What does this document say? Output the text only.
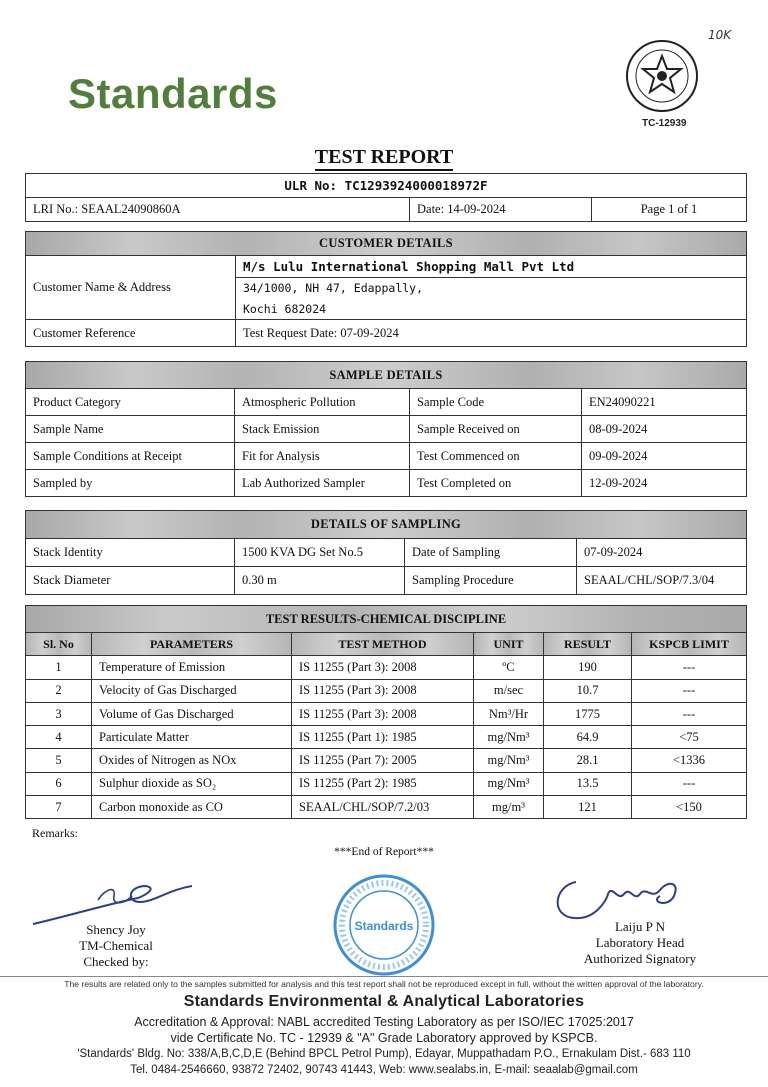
Standards
10K
TC-12939
TEST REPORT
ULR No: TC1293924000018972F
LRI No.: SEAAL24090860A	Date: 14-09-2024	Page 1 of 1
CUSTOMER DETAILS	
Customer Name & Address	M/s Lulu International Shopping Mall Pvt Ltd
	34/1000, NH 47, Edappally,
	Kochi 682024
Customer Reference	Test Request Date: 07-09-2024
SAMPLE DETAILS			
Product Category	Atmospheric Pollution	Sample Code	EN24090221
Sample Name	Stack Emission	Sample Received on	08-09-2024
Sample Conditions at Receipt	Fit for Analysis	Test Commenced on	09-09-2024
Sampled by	Lab Authorized Sampler	Test Completed on	12-09-2024
DETAILS OF SAMPLING			
Stack Identity	1500 KVA DG Set No.5	Date of Sampling	07-09-2024
Stack Diameter	0.30 m	Sampling Procedure	SEAAL/CHL/SOP/7.3/04
TEST RESULTS-CHEMICAL DISCIPLINE					
Sl. No	PARAMETERS	TEST METHOD	UNIT	RESULT	KSPCB LIMIT
1	Temperature of Emission	IS 11255 (Part 3): 2008	ºC	190	---
2	Velocity of Gas Discharged	IS 11255 (Part 3): 2008	m/sec	10.7	---
3	Volume of Gas Discharged	IS 11255 (Part 3): 2008	Nm³/Hr	1775	---
4	Particulate Matter	IS 11255 (Part 1): 1985	mg/Nm³	64.9	<75
5	Oxides of Nitrogen as NOx	IS 11255 (Part 7): 2005	mg/Nm³	28.1	<1336
6	Sulphur dioxide as SO₂	IS 11255 (Part 2): 1985	mg/Nm³	13.5	---
7	Carbon monoxide as CO	SEAAL/CHL/SOP/7.2/03	mg/m³	121	<150
Remarks:
***End of Report***
Shency Joy
TM-Chemical
Checked by:
Standards	Laiju P N
Laboratory Head
Authorized Signatory
The results are related only to the samples submitted for analysis and this test report shall not be reproduced except in full, without the written approval of the laboratory.
Standards Environmental & Analytical Laboratories
Accreditation & Approval: NABL accredited Testing Laboratory as per ISO/IEC 17025:2017
vide Certificate No. TC - 12939 & "A" Grade Laboratory approved by KSPCB.
'Standards' Bldg. No: 338/A,B,C,D,E (Behind BPCL Petrol Pump), Edayar, Muppathadam P.O., Ernakulam Dist.- 683 110
Tel. 0484-2546660, 93872 72402, 90743 41443, Web: www.sealabs.in, E-mail: seaalab@gmail.com
